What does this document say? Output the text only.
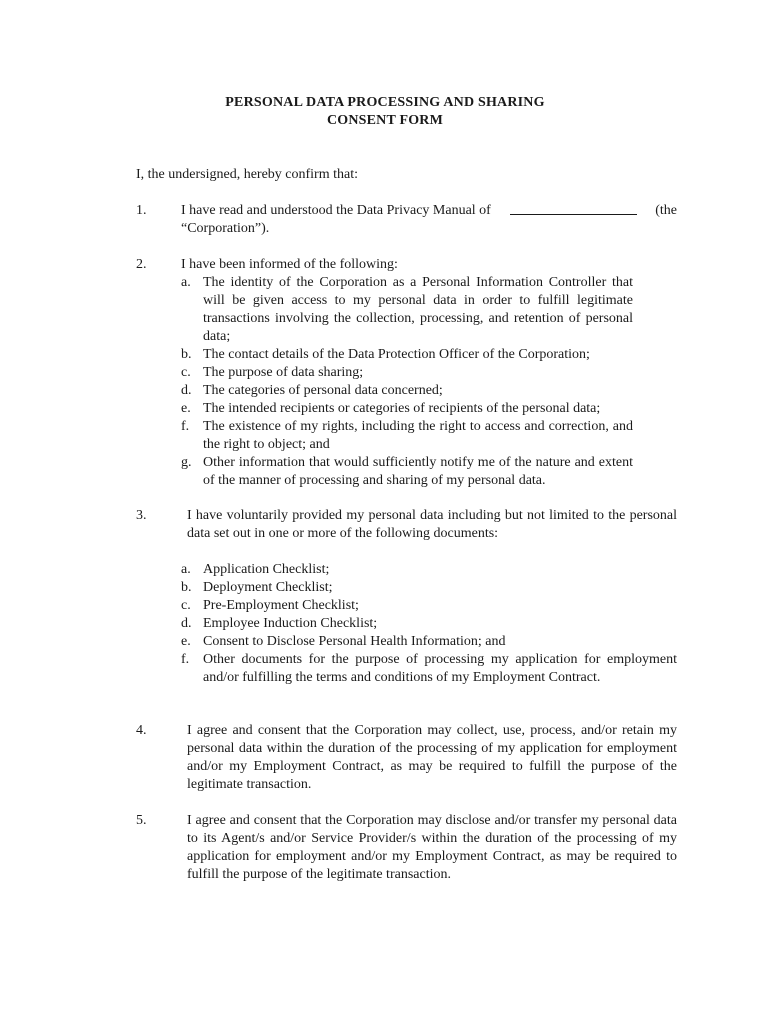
PERSONAL DATA PROCESSING AND SHARING
CONSENT FORM
I, the undersigned, hereby confirm that:
1. I have read and understood the Data Privacy Manual of	(the
“Corporation”).
2. I have been informed of the following:
a. The identity of the Corporation as a Personal Information Controller that will be given access to my personal data in order to fulfill legitimate transactions involving the collection, processing, and retention of personal data;
b. The contact details of the Data Protection Officer of the Corporation;
c. The purpose of data sharing;
d. The categories of personal data concerned;
e. The intended recipients or categories of recipients of the personal data;
f. The existence of my rights, including the right to access and correction, and the right to object; and
g. Other information that would sufficiently notify me of the nature and extent of the manner of processing and sharing of my personal data.
3.	I have voluntarily provided my personal data including but not limited to the personal data set out in one or more of the following documents:
a. Application Checklist;
b. Deployment Checklist;
c. Pre-Employment Checklist;
d. Employee Induction Checklist;
e. Consent to Disclose Personal Health Information; and
f. Other documents for the purpose of processing my application for employment and/or fulfilling the terms and conditions of my Employment Contract.
4.	I agree and consent that the Corporation may collect, use, process, and/or retain my personal data within the duration of the processing of my application for employment and/or my Employment Contract, as may be required to fulfill the purpose of the legitimate transaction.
5.	I agree and consent that the Corporation may disclose and/or transfer my personal data to its Agent/s and/or Service Provider/s within the duration of the processing of my application for employment and/or my Employment Contract, as may be required to fulfill the purpose of the legitimate transaction.
